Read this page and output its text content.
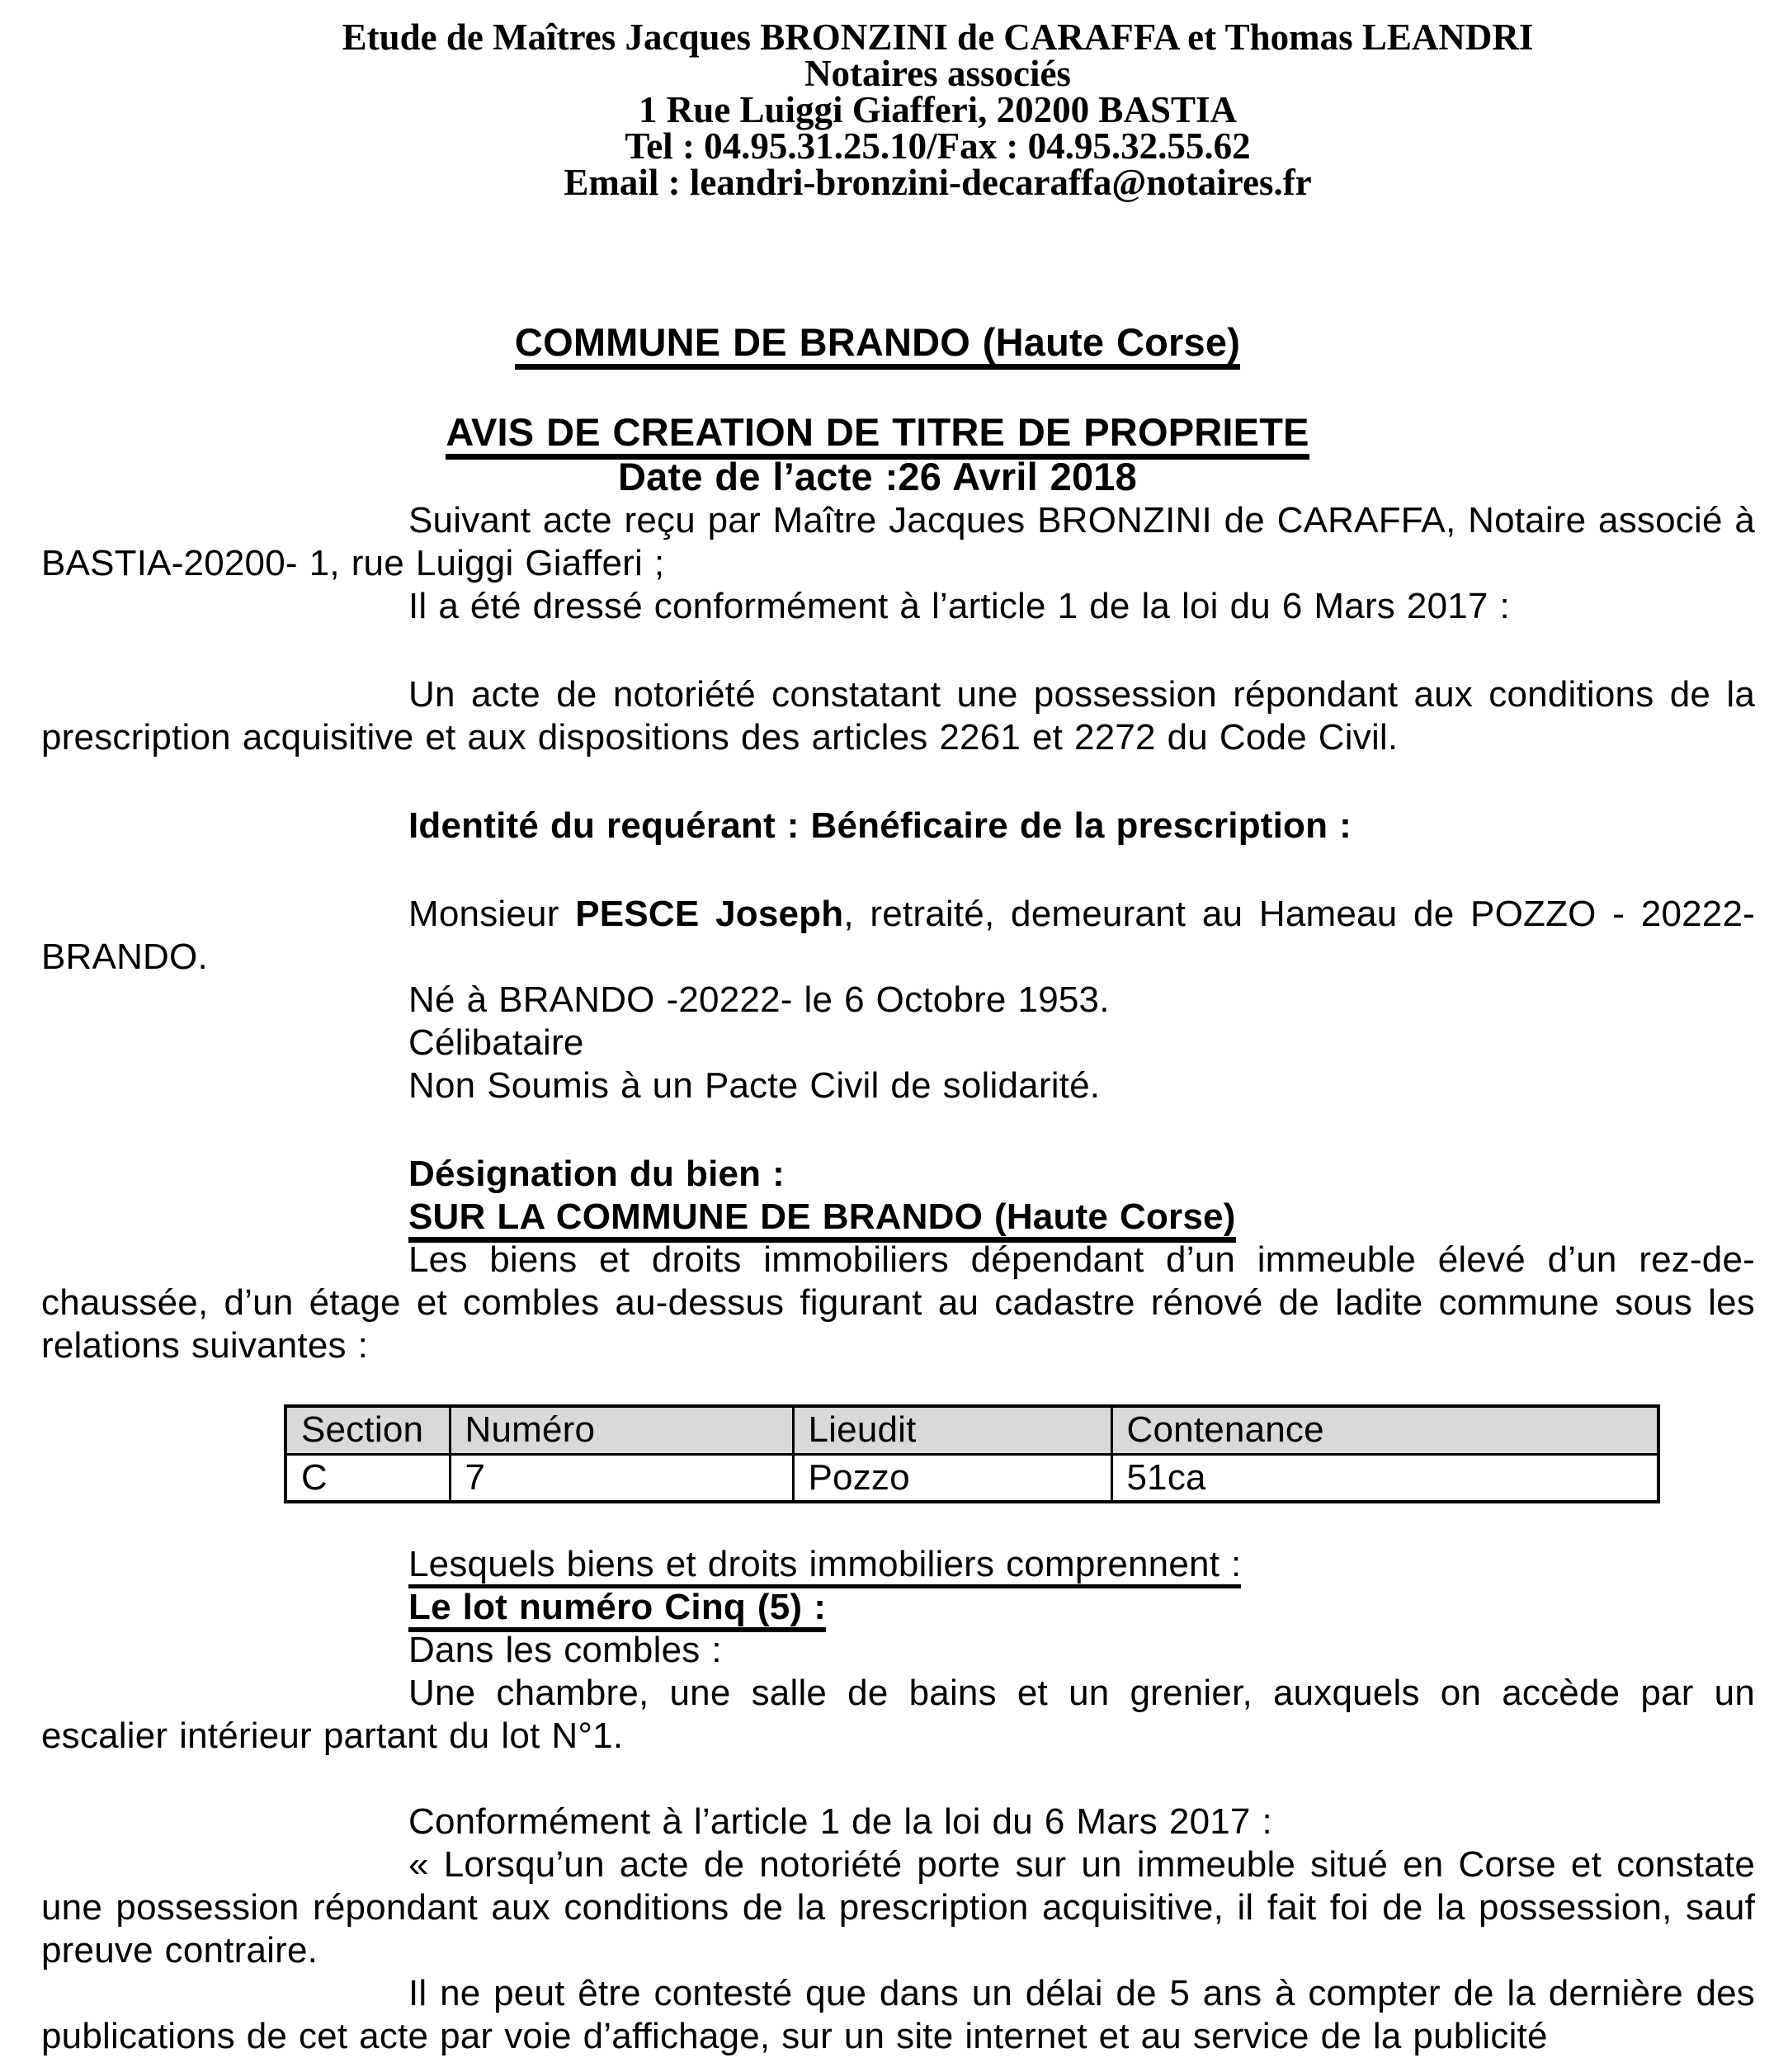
Etude de Maîtres Jacques BRONZINI de CARAFFA et Thomas LEANDRI
Notaires associés
1 Rue Luiggi Giafferi, 20200 BASTIA
Tel : 04.95.31.25.10/Fax : 04.95.32.55.62
Email : leandri-bronzini-decaraffa@notaires.fr
COMMUNE DE BRANDO (Haute Corse)
AVIS DE CREATION DE TITRE DE PROPRIETE
Date de l’acte :26 Avril 2018

Suivant acte reçu par Maître Jacques BRONZINI de CARAFFA, Notaire associé à BASTIA-20200- 1, rue Luiggi Giafferi ;

Il a été dressé conformément à l’article 1 de la loi du 6 Mars 2017 :

Un acte de notoriété constatant une possession répondant aux conditions de la prescription acquisitive et aux dispositions des articles 2261 et 2272 du Code Civil.

Identité du requérant : Bénéficaire de la prescription :

Monsieur PESCE Joseph, retraité, demeurant au Hameau de POZZO - 20222- BRANDO.

Né à BRANDO -20222- le 6 Octobre 1953.

Célibataire

Non Soumis à un Pacte Civil de solidarité.

Désignation du bien :

SUR LA COMMUNE DE BRANDO (Haute Corse)

Les biens et droits immobiliers dépendant d’un immeuble élevé d’un rez-de-chaussée, d’un étage et combles au-dessus figurant au cadastre rénové de ladite commune sous les relations suivantes :

Section	Numéro	Lieudit	Contenance
C	7	Pozzo	51ca

Lesquels biens et droits immobiliers comprennent :

Le lot numéro Cinq (5) :

Dans les combles :

Une chambre, une salle de bains et un grenier, auxquels on accède par un escalier intérieur partant du lot N°1.

Conformément à l’article 1 de la loi du 6 Mars 2017 :

« Lorsqu’un acte de notoriété porte sur un immeuble situé en Corse et constate une possession répondant aux conditions de la prescription acquisitive, il fait foi de la possession, sauf preuve contraire.

Il ne peut être contesté que dans un délai de 5 ans à compter de la dernière des publications de cet acte par voie d’affichage, sur un site internet et au service de la publicité
